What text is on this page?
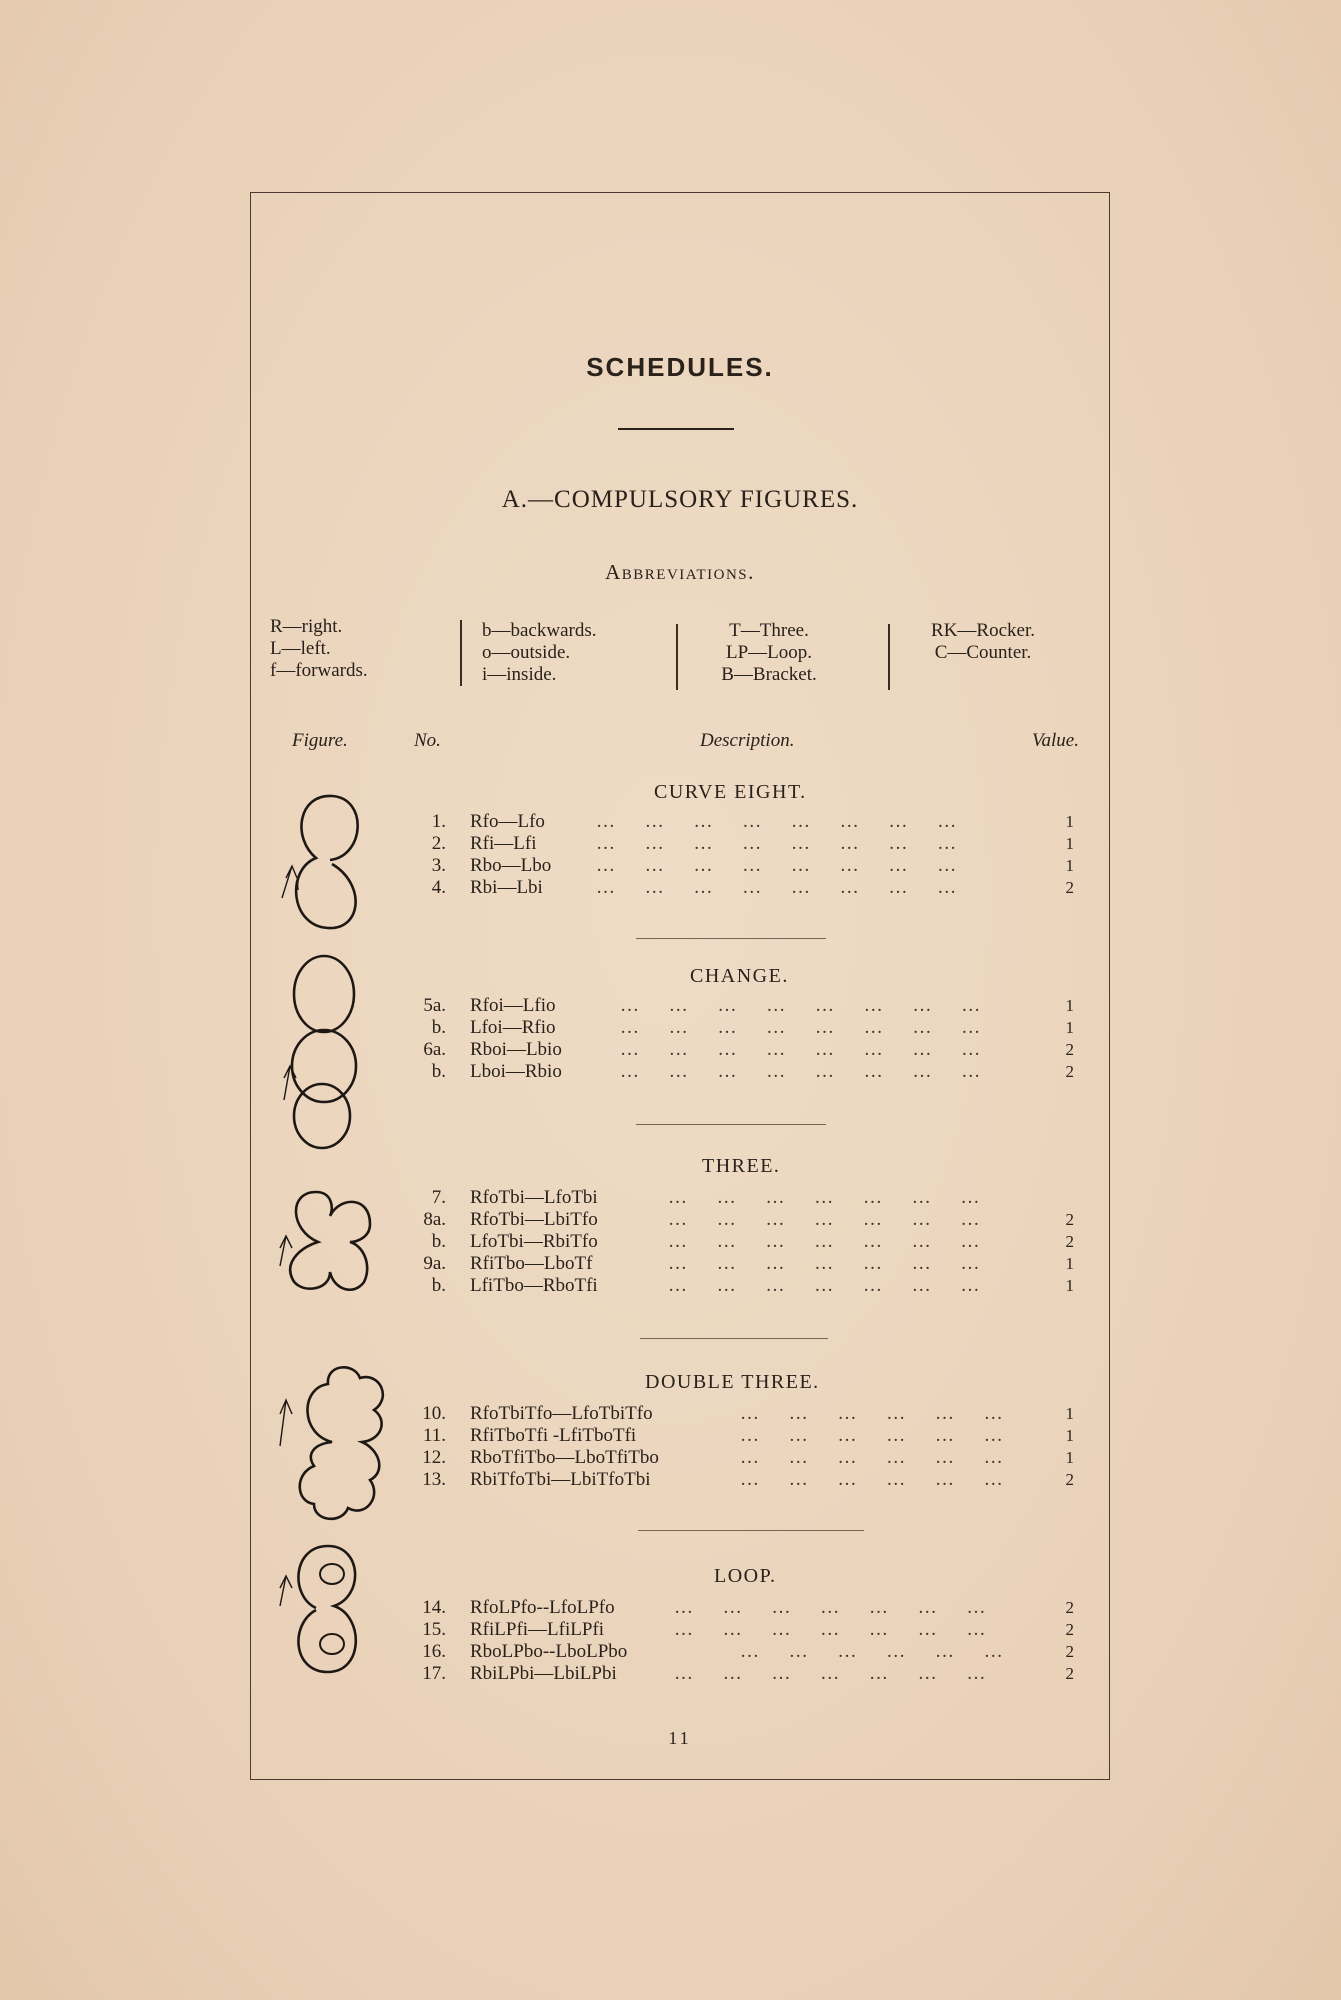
SCHEDULES.
A.—COMPULSORY FIGURES.
Abbreviations.
R—right.
L—left.
f—forwards.
b—backwards.
o—outside.
i—inside.
T—Three.
LP—Loop.
B—Bracket.
RK—Rocker.
C—Counter.
Figure.	No.	Description.	Value.
CURVE EIGHT.
1. Rfo—Lfo	…     …     …     …     …     …     …     …	1
2. Rfi—Lfi	…     …     …     …     …     …     …     …	1
3. Rbo—Lbo …     …     …     …     …     …     …     …	1
4. Rbi—Lbi	…     …     …     …     …     …     …     …	2
CHANGE.
5a. Rfoi—Lfio	…     …     …     …     …     …     …     …	1
b. Lfoi—Rfio	…     …     …     …     …     …     …     …	1
6a. Rboi—Lbio	…     …     …     …     …     …     …     …	2
b. Lboi—Rbio	…     …     …     …     …     …     …     …	2
THREE.
7. RfoTbi—LfoTbi	…     …     …     …     …     …     …
8a. RfoTbi—LbiTfo	…     …     …     …     …     …     …	2
b. LfoTbi—RbiTfo	…     …     …     …     …     …     …	2
9a. RfiTbo—LboTf	…     …     …     …     …     …     …	1
b. LfiTbo—RboTfi	…     …     …     …     …     …     …	1
DOUBLE THREE.
10. RfoTbiTfo—LfoTbiTfo	…     …     …     …     …     …	1
11. RfiTboTfi -LfiTboTfi	…     …     …     …     …     …	1
12. RboTfiTbo—LboTfiTbo	…     …     …     …     …     …	1
13. RbiTfoTbi—LbiTfoTbi	…     …     …     …     …     …	2
LOOP.
14. RfoLPfo--LfoLPfo	…     …     …     …     …     …     …	2
15. RfiLPfi—LfiLPfi	…     …     …     …     …     …     …	2
16. RboLPbo--LboLPbo	…     …     …     …     …     …	2
17. RbiLPbi—LbiLPbi	…     …     …     …     …     …     …	2
11
